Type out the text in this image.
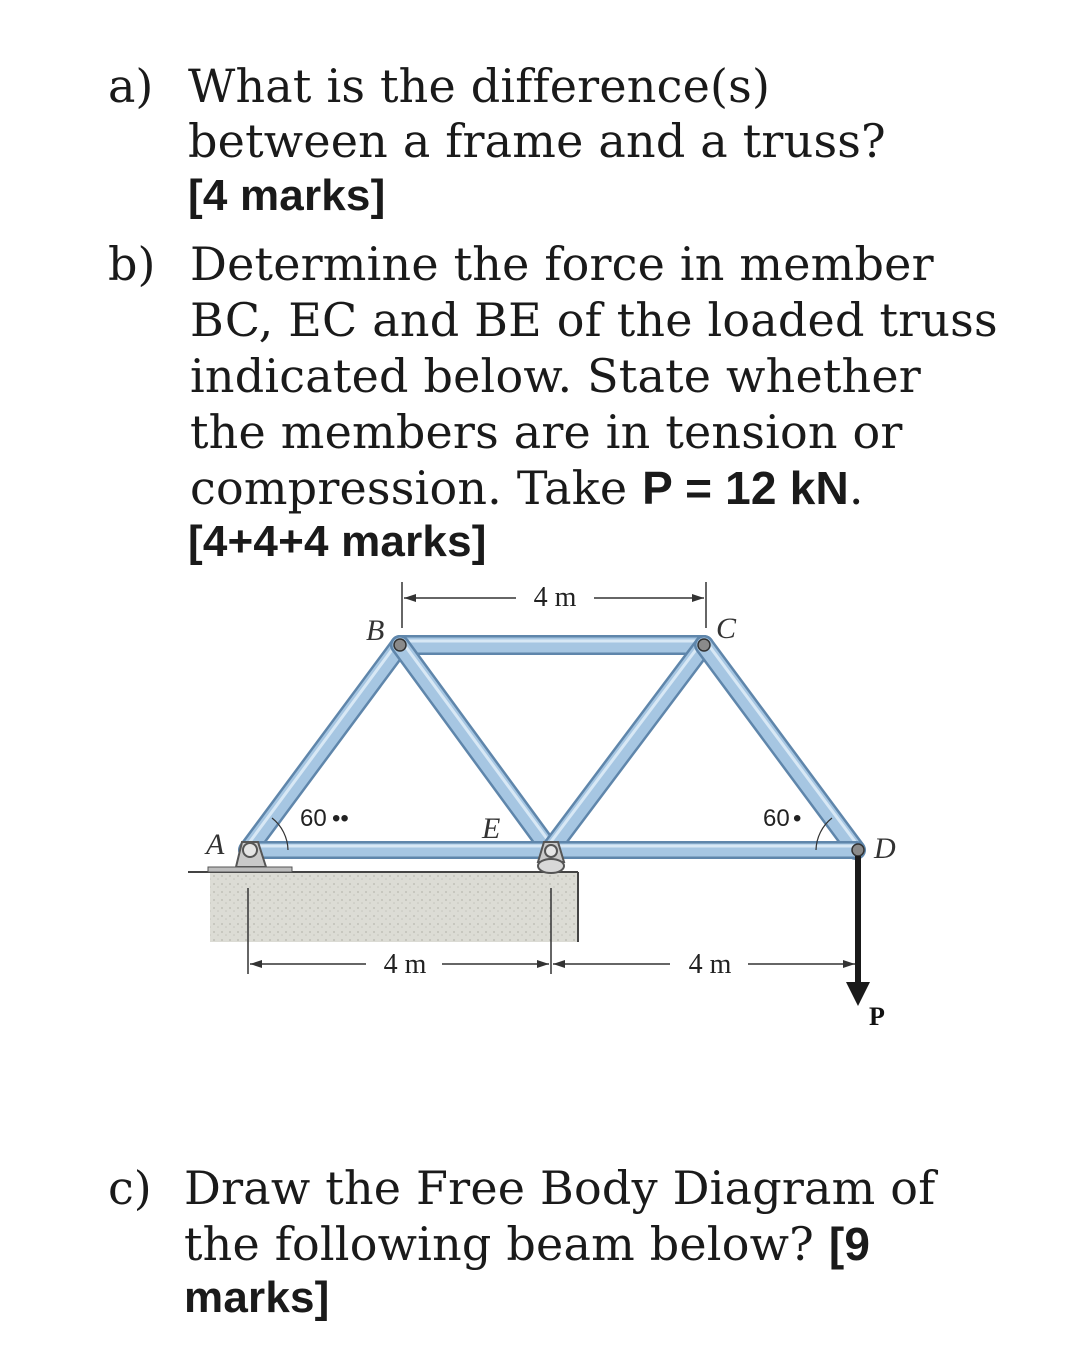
a) What is the difference(s)
between a frame and a truss?
[4 marks]
b) Determine the force in member
BC, EC and BE of the loaded truss
indicated below. State whether
the members are in tension or
compression. Take P = 12 kN.
[4+4+4 marks]
4 m
4 m	4 m
P
60 ••	60 •
A
B	C
D
E
c) Draw the Free Body Diagram of
the following beam below? [9
marks]
